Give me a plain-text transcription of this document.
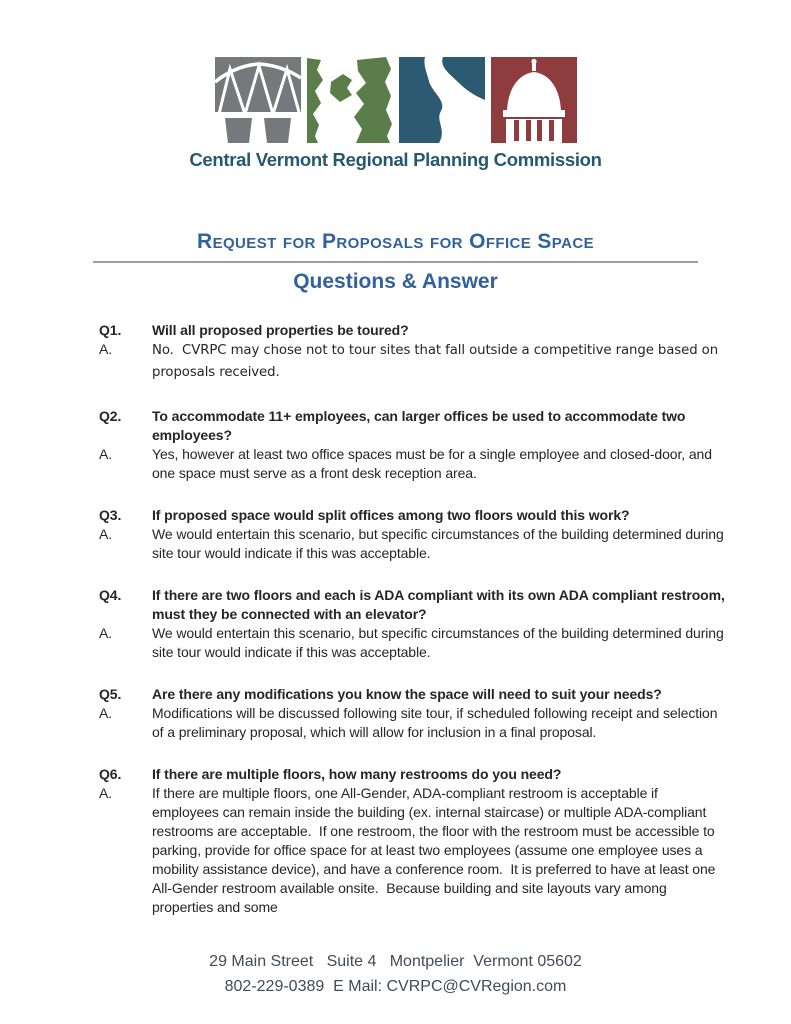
Central Vermont Regional Planning Commission
Request for Proposals for Office Space
Questions & Answer
Q1.	Will all proposed properties be toured?
A.	No.  CVRPC may chose not to tour sites that fall outside a competitive range based on proposals received.
Q2.	To accommodate 11+ employees, can larger offices be used to accommodate two employees?
A.	Yes, however at least two office spaces must be for a single employee and closed-door, and one space must serve as a front desk reception area.
Q3.	If proposed space would split offices among two floors would this work?
A.	We would entertain this scenario, but specific circumstances of the building determined during site tour would indicate if this was acceptable.
Q4.	If there are two floors and each is ADA compliant with its own ADA compliant restroom, must they be connected with an elevator?
A.	We would entertain this scenario, but specific circumstances of the building determined during site tour would indicate if this was acceptable.
Q5.	Are there any modifications you know the space will need to suit your needs?
A.	Modifications will be discussed following site tour, if scheduled following receipt and selection of a preliminary proposal, which will allow for inclusion in a final proposal.
Q6.	If there are multiple floors, how many restrooms do you need?
A.	If there are multiple floors, one All-Gender, ADA-compliant restroom is acceptable if employees can remain inside the building (ex. internal staircase) or multiple ADA-compliant restrooms are acceptable.  If one restroom, the floor with the restroom must be accessible to parking, provide for office space for at least two employees (assume one employee uses a mobility assistance device), and have a conference room.  It is preferred to have at least one All-Gender restroom available onsite.  Because building and site layouts vary among properties and some
29 Main Street   Suite 4   Montpelier  Vermont 05602
802-229-0389  E Mail: CVRPC@CVRegion.com
